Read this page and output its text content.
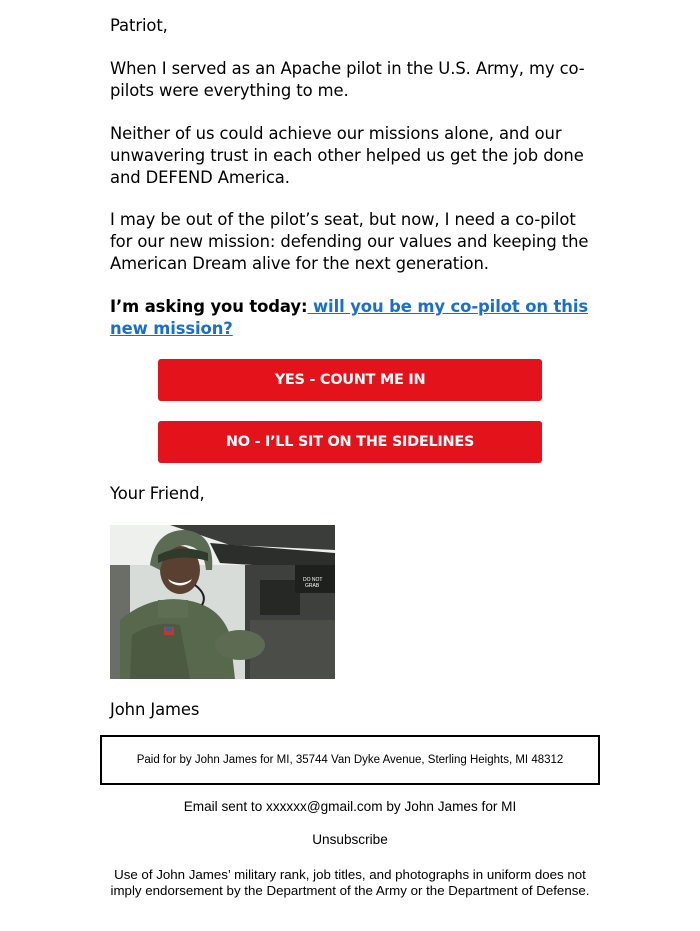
Patriot,

When I served as an Apache pilot in the U.S. Army, my co-pilots were everything to me.

Neither of us could achieve our missions alone, and our unwavering trust in each other helped us get the job done and DEFEND America.

I may be out of the pilot’s seat, but now, I need a co-pilot for our new mission: defending our values and keeping the American Dream alive for the next generation.

I’m asking you today: will you be my co-pilot on this new mission?

YES - COUNT ME IN
NO - I’LL SIT ON THE SIDELINES

Your Friend,

DO NOT
GRAB

John James

Paid for by John James for MI, 35744 Van Dyke Avenue, Sterling Heights, MI 48312

Email sent to xxxxxx@gmail.com by John James for MI

Unsubscribe

Use of John James’ military rank, job titles, and photographs in uniform does not imply endorsement by the Department of the Army or the Department of Defense.
